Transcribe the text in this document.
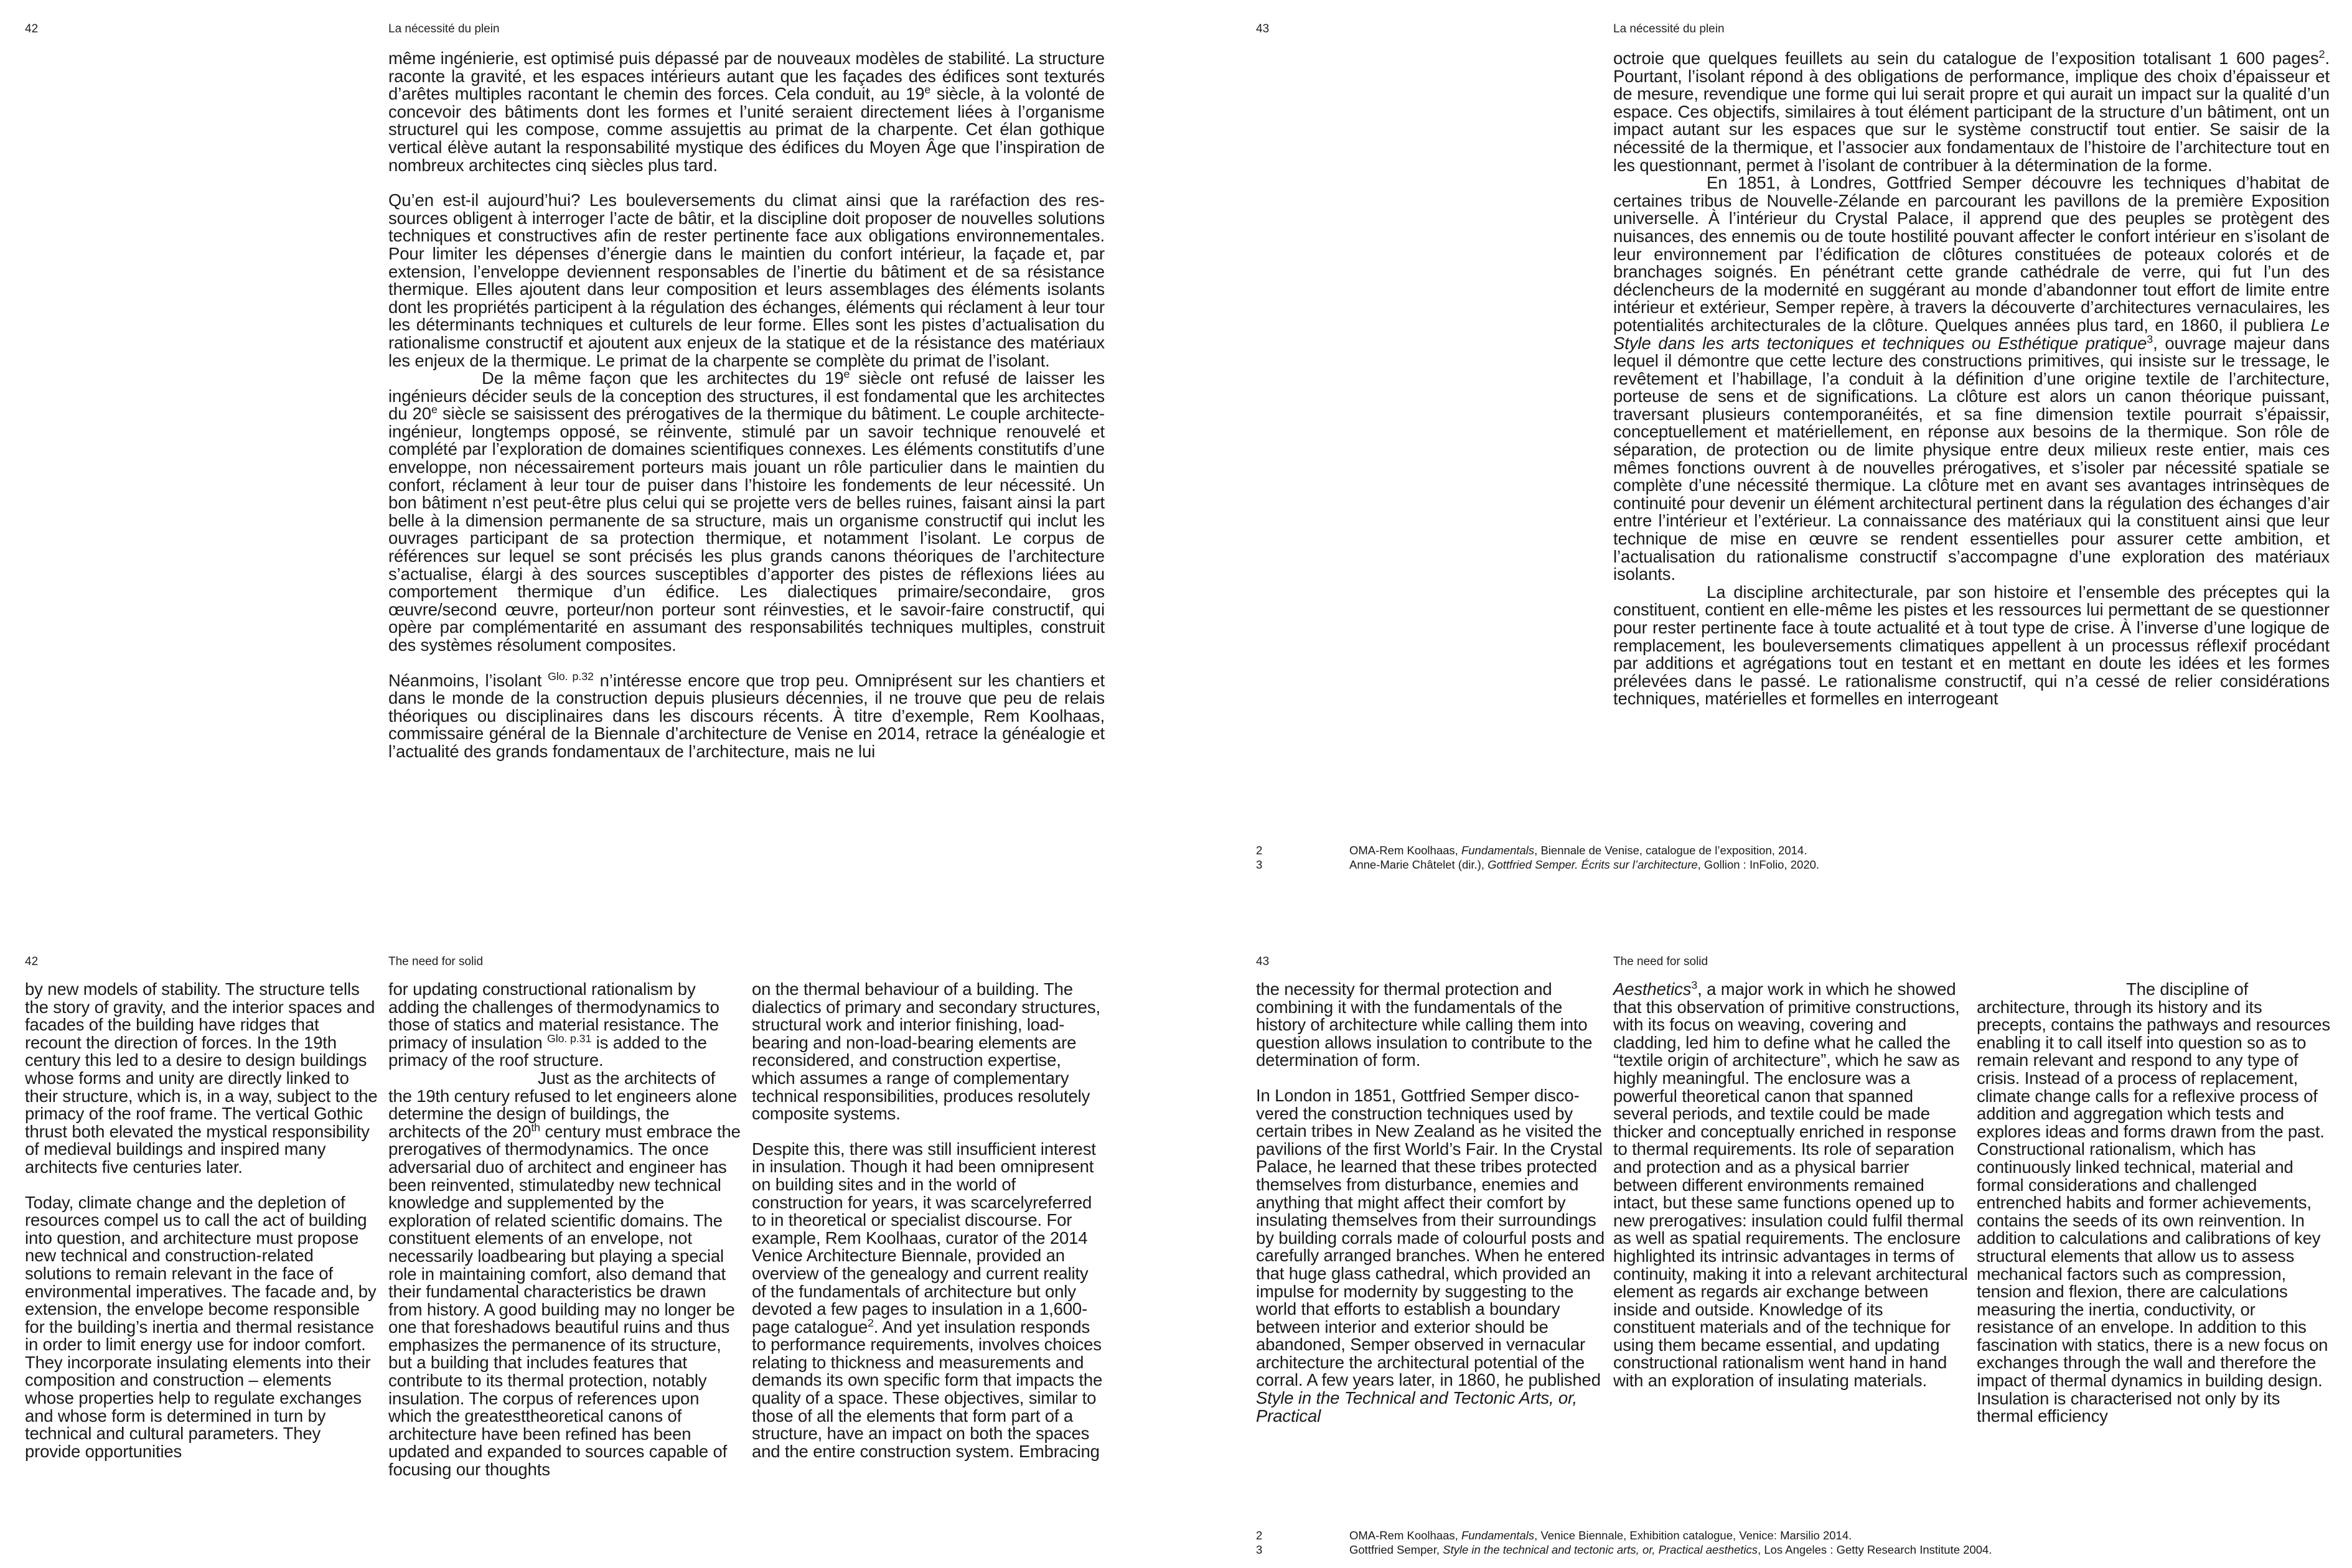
42	La nécessité du plein

même ingénierie, est optimisé puis dépassé par de nouveaux modèles de stabilité. La structure raconte la gravité, et les espaces intérieurs autant que les façades des édifices sont texturés d’arêtes multiples racontant le chemin des forces. Cela conduit, au 19e siècle, à la volonté de concevoir des bâtiments dont les formes et l’unité seraient directement liées à l’organisme structurel qui les compose, comme assujettis au primat de la charpente. Cet élan gothique vertical élève autant la responsabilité mystique des édifices du Moyen Âge que l’inspiration de nombreux architectes cinq siècles plus tard.

Qu’en est-il aujourd’hui? Les bouleversements du climat ainsi que la raréfaction des ressources obligent à interroger l’acte de bâtir, et la discipline doit proposer de nouvelles solutions techniques et constructives afin de rester pertinente face aux obligations environnementales. Pour limiter les dépenses d’énergie dans le maintien du confort intérieur, la façade et, par extension, l’enveloppe deviennent responsables de l’inertie du bâtiment et de sa résistance thermique. Elles ajoutent dans leur composition et leurs assemblages des éléments isolants dont les propriétés participent à la régulation des échanges, éléments qui réclament à leur tour les déterminants techniques et culturels de leur forme. Elles sont les pistes d’actualisation du rationalisme constructif et ajoutent aux enjeux de la statique et de la résistance des matériaux les enjeux de la thermique. Le primat de la charpente se complète du primat de l’isolant.

De la même façon que les architectes du 19e siècle ont refusé de laisser les ingénieurs décider seuls de la conception des structures, il est fondamental que les architectes du 20e siècle se saisissent des prérogatives de la thermique du bâtiment. Le couple architecte-ingénieur, longtemps opposé, se réinvente, stimulé par un savoir technique renouvelé et complété par l’exploration de domaines scientifiques connexes. Les éléments constitutifs d’une enveloppe, non nécessairement porteurs mais jouant un rôle particulier dans le maintien du confort, réclament à leur tour de puiser dans l’histoire les fondements de leur nécessité. Un bon bâtiment n’est peut-être plus celui qui se projette vers de belles ruines, faisant ainsi la part belle à la dimension permanente de sa structure, mais un organisme constructif qui inclut les ouvrages participant de sa protection thermique, et notamment l’isolant. Le corpus de références sur lequel se sont précisés les plus grands canons théoriques de l’architecture s’actualise, élargi à des sources susceptibles d’apporter des pistes de réflexions liées au comportement thermique d’un édifice. Les dialectiques primaire/secondaire, gros œuvre/second œuvre, porteur/non porteur sont réinvesties, et le savoir-faire constructif, qui opère par complémentarité en assumant des responsabilités techniques multiples, construit des systèmes résolument composites.

Néanmoins, l’isolant $^{Glo. p.32}$ n’intéresse encore que trop peu. Omniprésent sur les chantiers et dans le monde de la construction depuis plusieurs décennies, il ne trouve que peu de relais théoriques ou disciplinaires dans les discours récents. À titre d’exemple, Rem Koolhaas, commissaire général de la Biennale d’architecture de Venise en 2014, retrace la généalogie et l’actualité des grands fondamentaux de l’architecture, mais ne lui

43	La nécessité du plein

octroie que quelques feuillets au sein du catalogue de l’exposition totalisant 1 600 pages$^2$. Pourtant, l’isolant répond à des obligations de performance, implique des choix d’épaisseur et de mesure, revendique une forme qui lui serait propre et qui aurait un impact sur la qualité d’un espace. Ces objectifs, similaires à tout élément participant de la structure d’un bâtiment, ont un impact autant sur les espaces que sur le système constructif tout entier. Se saisir de la nécessité de la thermique, et l’associer aux fondamentaux de l’histoire de l’architecture tout en les questionnant, permet à l’isolant de contribuer à la détermination de la forme.

En 1851, à Londres, Gottfried Semper découvre les techniques d’habitat de certaines tribus de Nouvelle-Zélande en parcourant les pavillons de la première Exposition universelle. À l’intérieur du Crystal Palace, il apprend que des peuples se protègent des nuisances, des ennemis ou de toute hostilité pouvant affecter le confort intérieur en s’isolant de leur environnement par l’édification de clôtures constituées de poteaux colorés et de branchages soignés. En pénétrant cette grande cathédrale de verre, qui fut l’un des déclencheurs de la modernité en suggérant au monde d’abandonner tout effort de limite entre intérieur et extérieur, Semper repère, à travers la découverte d’architectures vernaculaires, les potentialités architecturales de la clôture. Quelques années plus tard, en 1860, il publiera Le Style dans les arts tectoniques et techniques ou Esthétique pratique$^3$, ouvrage majeur dans lequel il démontre que cette lecture des constructions primitives, qui insiste sur le tressage, le revêtement et l’habillage, l’a conduit à la définition d’une origine textile de l’architecture, porteuse de sens et de significations. La clôture est alors un canon théorique puissant, traversant plusieurs contemporanéités, et sa fine dimension textile pourrait s’épaissir, conceptuellement et matériellement, en réponse aux besoins de la thermique. Son rôle de séparation, de protection ou de limite physique entre deux milieux reste entier, mais ces mêmes fonctions ouvrent à de nouvelles prérogatives, et s’isoler par nécessité spatiale se complète d’une nécessité thermique. La clôture met en avant ses avantages intrinsèques de continuité pour devenir un élément architectural pertinent dans la régulation des échanges d’air entre l’intérieur et l’extérieur. La connaissance des matériaux qui la constituent ainsi que leur technique de mise en œuvre se rendent essentielles pour assurer cette ambition, et l’actualisation du rationalisme constructif s’accompagne d’une exploration des matériaux isolants.

La discipline architecturale, par son histoire et l’ensemble des préceptes qui la constituent, contient en elle-même les pistes et les ressources lui permettant de se questionner pour rester pertinente face à toute actualité et à tout type de crise. À l’inverse d’une logique de remplacement, les bouleversements climatiques appellent à un processus réflexif procédant par additions et agrégations tout en testant et en mettant en doute les idées et les formes prélevées dans le passé. Le rationalisme constructif, qui n’a cessé de relier considérations techniques, matérielles et formelles en interrogeant

2	OMA-Rem Koolhaas, Fundamentals, Biennale de Venise, catalogue de l’exposition, 2014.
3	Anne-Marie Châtelet (dir.), Gottfried Semper. Écrits sur l’architecture, Gollion : InFolio, 2020.
42	The need for solid

by new models of stability. The structure tells the story of gravity, and the interior spaces and facades of the building have ridges that recount the direction of forces. In the 19th century this led to a desire to design buildings whose forms and unity are directly linked to their structure, which is, in a way, subject to the primacy of the roof frame. The vertical Gothic thrust both elevated the mystical responsibility of medieval buildings and inspired many architects five centuries later.

Today, climate change and the depletion of resources compel us to call the act of building into question, and architecture must propose new technical and construction-related solutions to remain relevant in the face of environmental imperatives. The facade and, by extension, the envelope become responsible for the building’s inertia and thermal resistance in order to limit energy use for indoor comfort. They incorporate insulating elements into their composition and construction – elements whose properties help to regulate exchanges and whose form is determined in turn by technical and cultural parameters. They provide opportunities

for updating constructional rationalism by adding the challenges of thermodynamics to those of statics and material resistance. The primacy of insulation $^{Glo. p.31}$ is added to the primacy of the roof structure.

Just as the architects of the 19th century refused to let engineers alone determine the design of buildings, the architects of the 20th century must embrace the prerogatives of thermodynamics. The once adversarial duo of architect and engineer has been reinvented, stimulatedby new technical knowledge and supplemented by the exploration of related scientific domains. The constituent elements of an envelope, not necessarily loadbearing but playing a special role in maintaining comfort, also demand that their fundamental characteristics be drawn from history. A good building may no longer be one that foreshadows beautiful ruins and thus emphasizes the permanence of its structure, but a building that includes features that contribute to its thermal protection, notably insulation. The corpus of references upon which the greatesttheoretical canons of architecture have been refined has been updated and expanded to sources capable of focusing our thoughts

on the thermal behaviour of a building. The dialectics of primary and secondary structures, structural work and interior finishing, load-bearing and non-load-bearing elements are reconsidered, and construction expertise, which assumes a range of complementary technical responsibilities, produces resolutely composite systems.

Despite this, there was still insufficient interest in insulation. Though it had been omnipresent on building sites and in the world of construction for years, it was scarcelyreferred to in theoretical or specialist discourse. For example, Rem Koolhaas, curator of the 2014 Venice Architecture Biennale, provided an overview of the genealogy and current reality of the fundamentals of architecture but only devoted a few pages to insulation in a 1,600-page catalogue$^2$. And yet insulation responds to performance requirements, involves choices relating to thickness and measurements and demands its own specific form that impacts the quality of a space. These objectives, similar to those of all the elements that form part of a structure, have an impact on both the spaces and the entire construction system. Embracing

43	The need for solid

the necessity for thermal protection and combining it with the fundamentals of the history of architecture while calling them into question allows insulation to contribute to the determination of form.

In London in 1851, Gottfried Semper discovered the construction techniques used by certain tribes in New Zealand as he visited the pavilions of the first World’s Fair. In the Crystal Palace, he learned that these tribes protected themselves from disturbance, enemies and anything that might affect their comfort by insulating themselves from their surroundings by building corrals made of colourful posts and carefully arranged branches. When he entered that huge glass cathedral, which provided an impulse for modernity by suggesting to the world that efforts to establish a boundary between interior and exterior should be abandoned, Semper observed in vernacular architecture the architectural potential of the corral. A few years later, in 1860, he published Style in the Technical and Tectonic Arts, or, Practical

Aesthetics$^3$, a major work in which he showed that this observation of primitive constructions, with its focus on weaving, covering and cladding, led him to define what he called the “textile origin of architecture”, which he saw as highly meaningful. The enclosure was a powerful theoretical canon that spanned several periods, and textile could be made thicker and conceptually enriched in response to thermal requirements. Its role of separation and protection and as a physical barrier between different environments remained intact, but these same functions opened up to new prerogatives: insulation could fulfil thermal as well as spatial requirements. The enclosure highlighted its intrinsic advantages in terms of continuity, making it into a relevant architectural element as regards air exchange between inside and outside. Knowledge of its constituent materials and of the technique for using them became essential, and updating constructional rationalism went hand in hand with an exploration of insulating materials.

The discipline of architecture, through its history and its precepts, contains the pathways and resources enabling it to call itself into question so as to remain relevant and respond to any type of crisis. Instead of a process of replacement, climate change calls for a reflexive process of addition and aggregation which tests and explores ideas and forms drawn from the past. Constructional rationalism, which has continuously linked technical, material and formal considerations and challenged entrenched habits and former achievements, contains the seeds of its own reinvention. In addition to calculations and calibrations of key structural elements that allow us to assess mechanical factors such as compression, tension and flexion, there are calculations measuring the inertia, conductivity, or resistance of an envelope. In addition to this fascination with statics, there is a new focus on exchanges through the wall and therefore the impact of thermal dynamics in building design. Insulation is characterised not only by its thermal efficiency

2	OMA-Rem Koolhaas, Fundamentals, Venice Biennale, Exhibition catalogue, Venice: Marsilio 2014.
3	Gottfried Semper, Style in the technical and tectonic arts, or, Practical aesthetics, Los Angeles : Getty Research Institute 2004.
